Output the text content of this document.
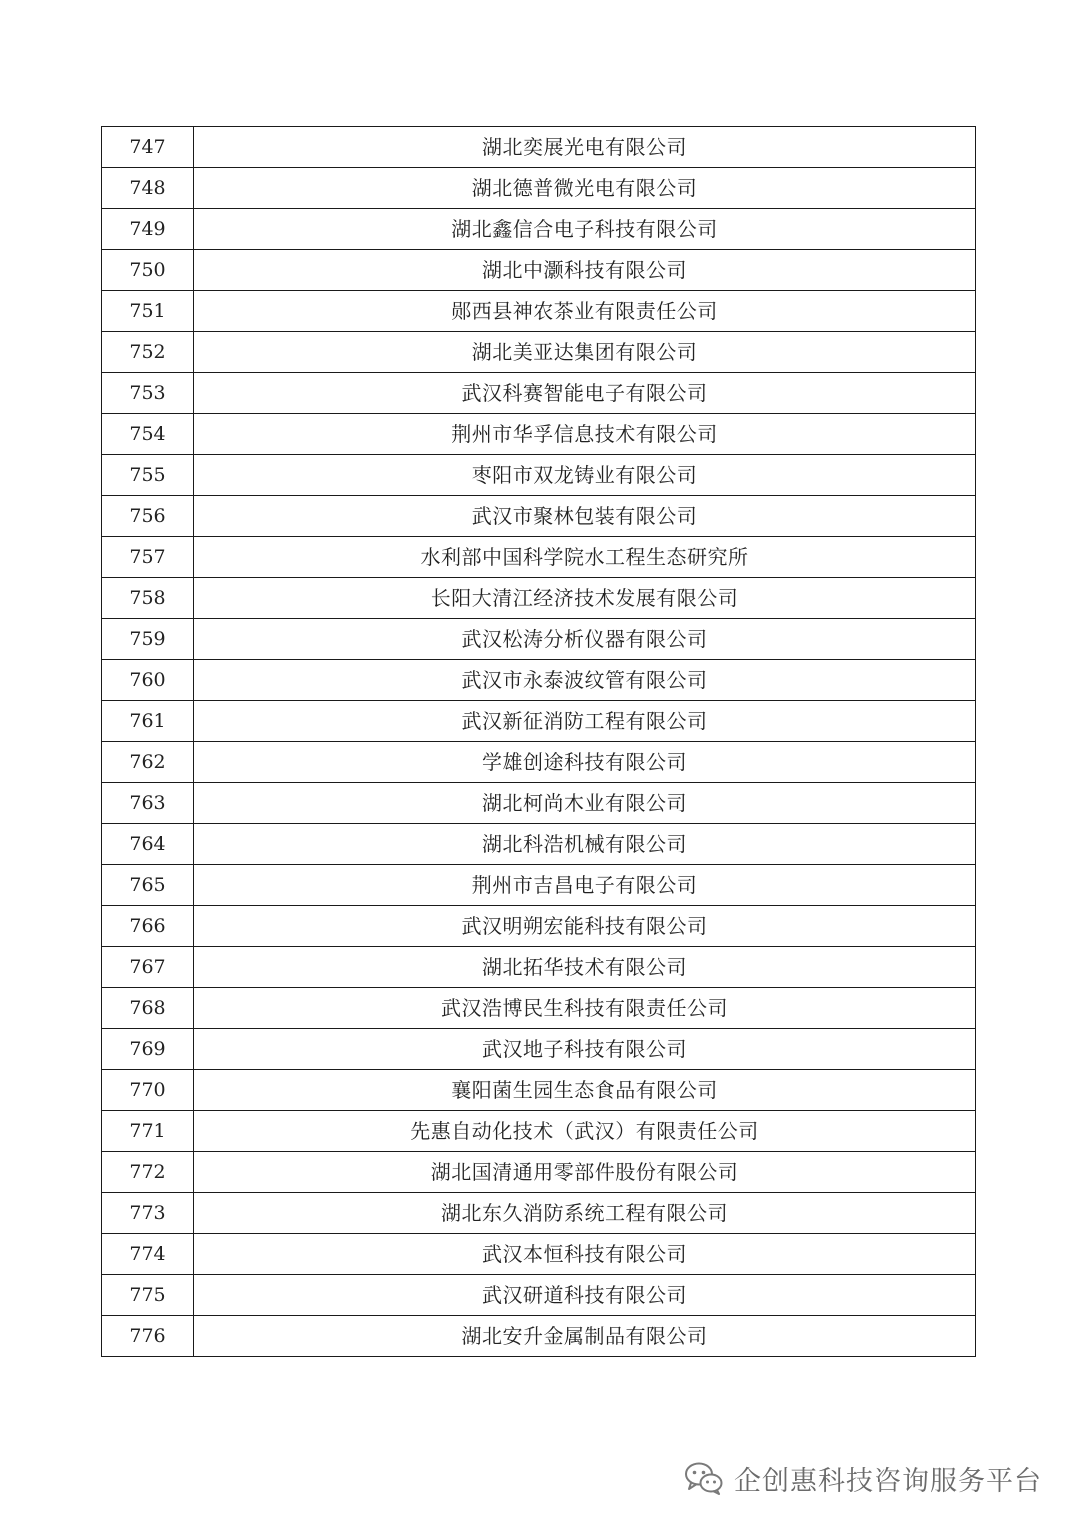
747	湖北奕展光电有限公司
748	湖北德普微光电有限公司
749	湖北鑫信合电子科技有限公司
750	湖北中灏科技有限公司
751	郧西县神农茶业有限责任公司
752	湖北美亚达集团有限公司
753	武汉科赛智能电子有限公司
754	荆州市华孚信息技术有限公司
755	枣阳市双龙铸业有限公司
756	武汉市聚林包装有限公司
757	水利部中国科学院水工程生态研究所
758	长阳大清江经济技术发展有限公司
759	武汉松涛分析仪器有限公司
760	武汉市永泰波纹管有限公司
761	武汉新征消防工程有限公司
762	学雄创途科技有限公司
763	湖北柯尚木业有限公司
764	湖北科浩机械有限公司
765	荆州市吉昌电子有限公司
766	武汉明朔宏能科技有限公司
767	湖北拓华技术有限公司
768	武汉浩博民生科技有限责任公司
769	武汉地子科技有限公司
770	襄阳菌生园生态食品有限公司
771	先惠自动化技术（武汉）有限责任公司
772	湖北国清通用零部件股份有限公司
773	湖北东久消防系统工程有限公司
774	武汉本恒科技有限公司
775	武汉研道科技有限公司
776	湖北安升金属制品有限公司
企创惠科技咨询服务平台
